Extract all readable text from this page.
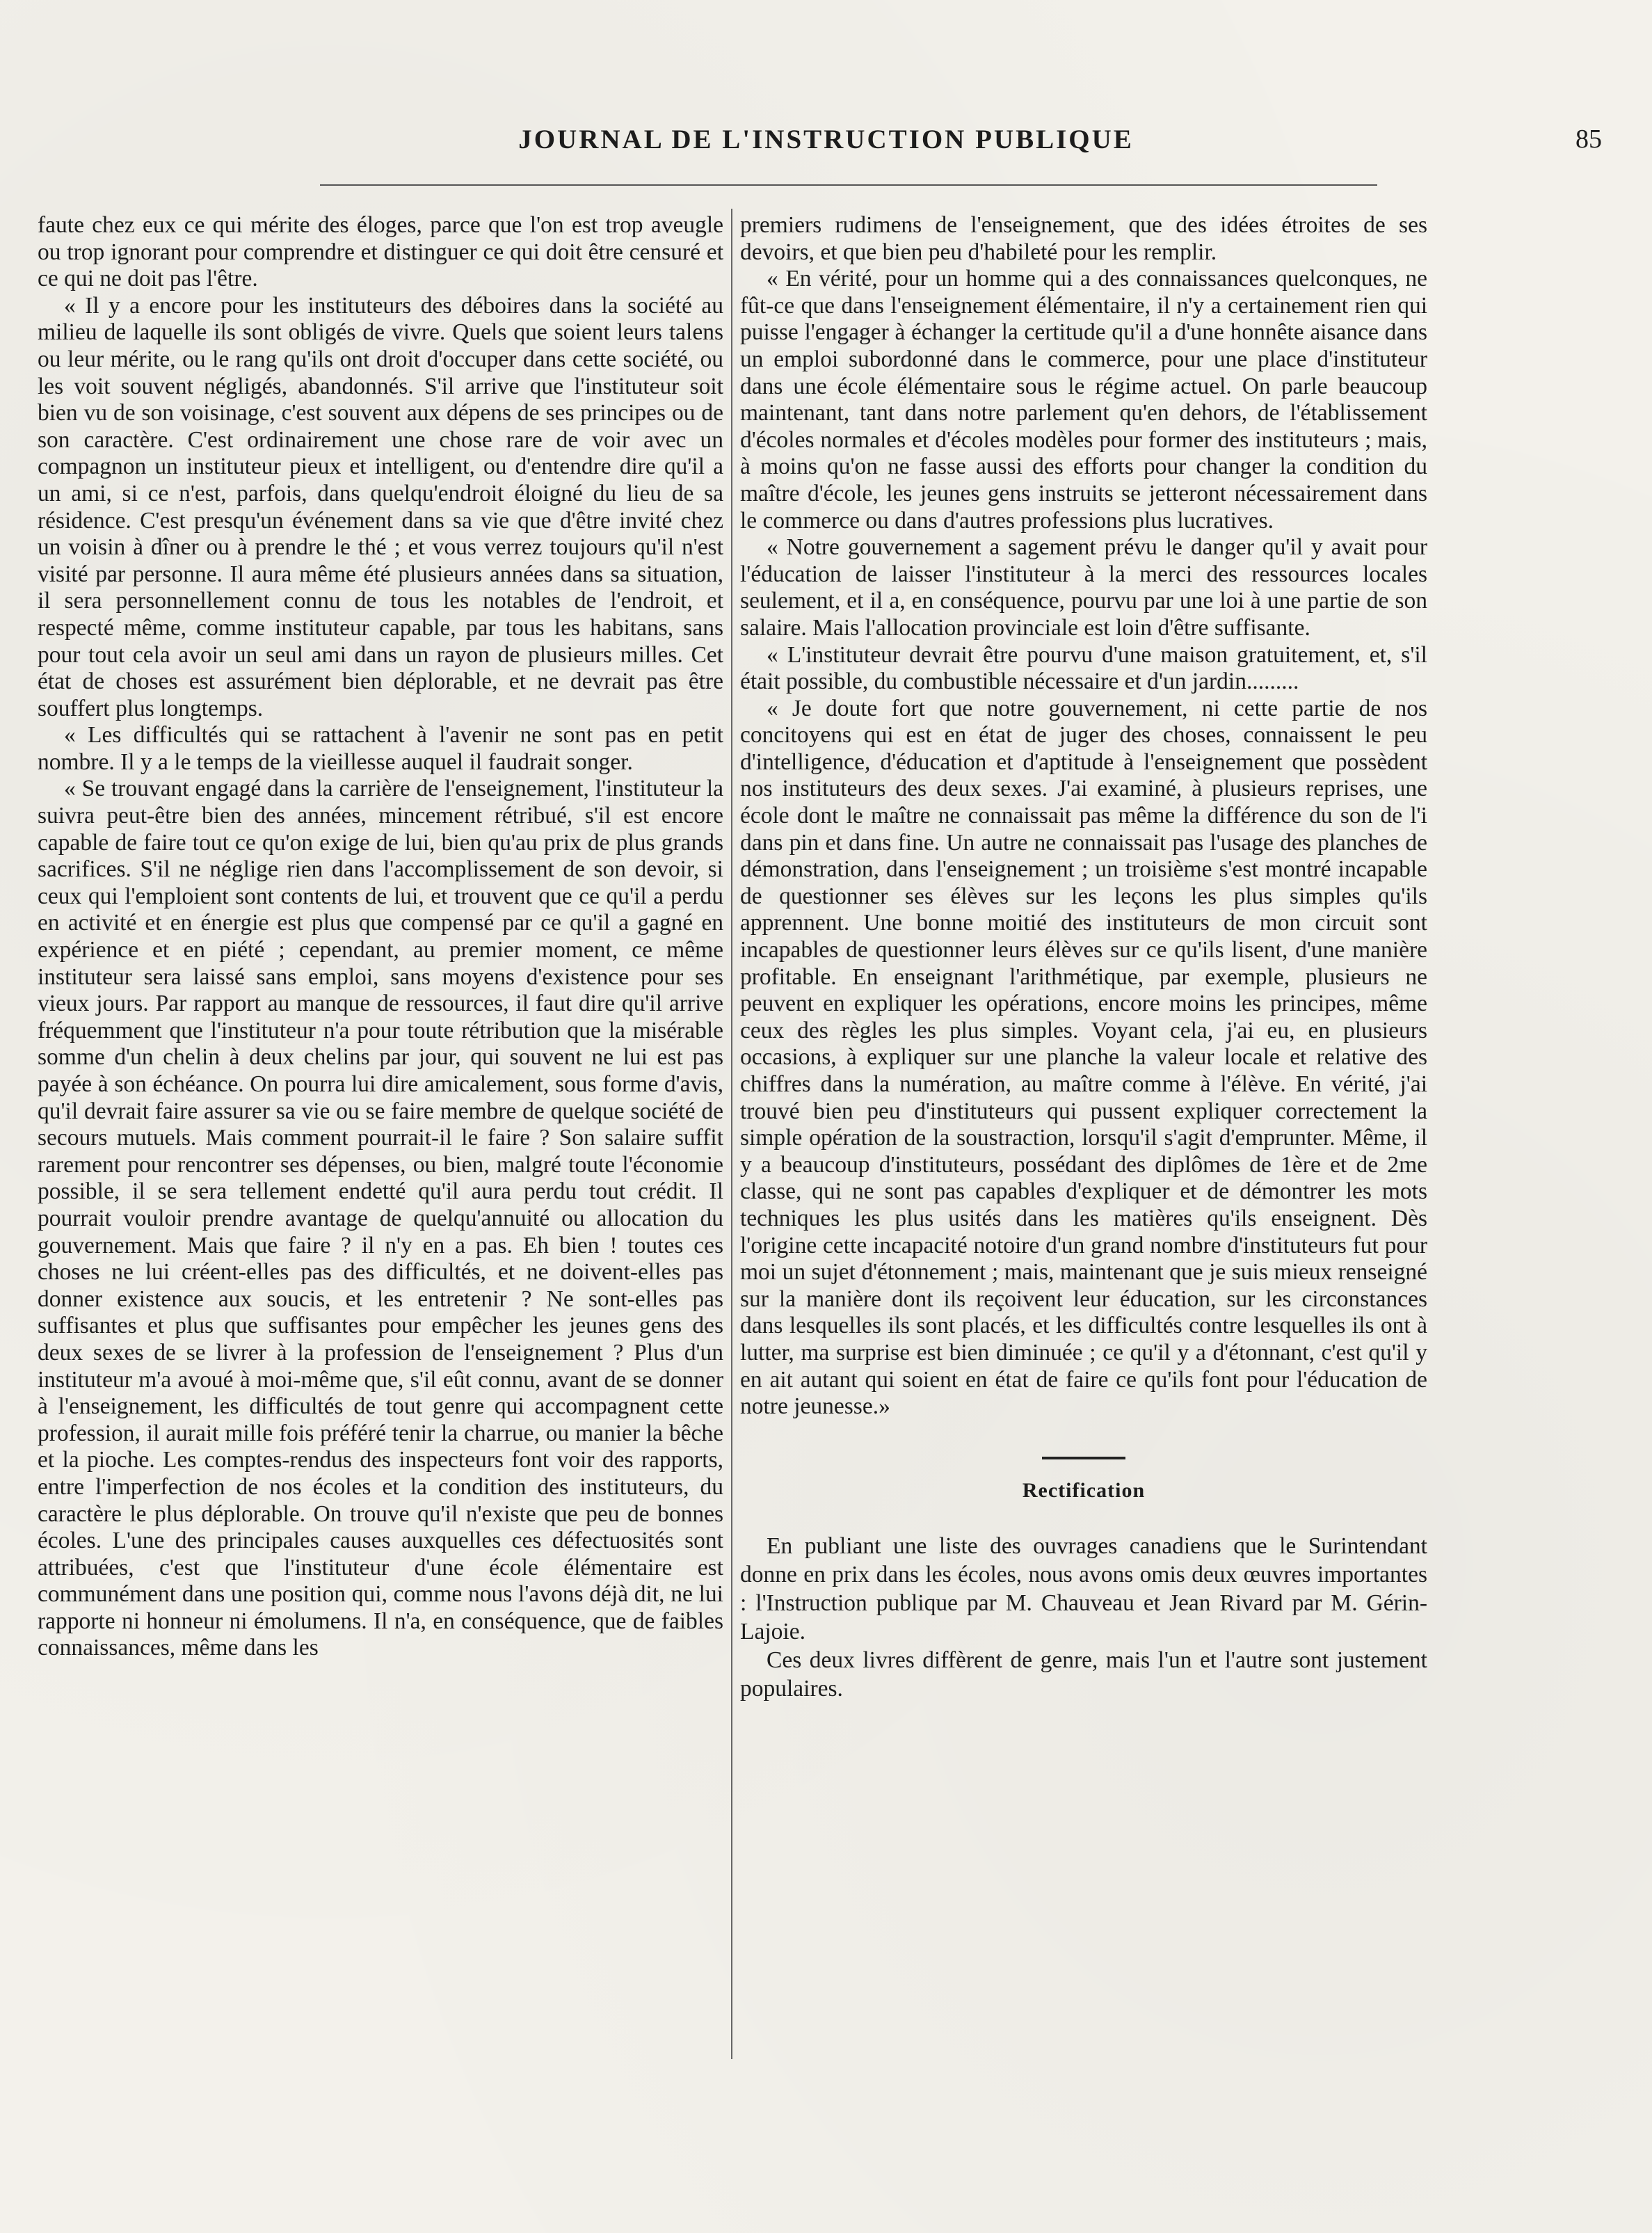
JOURNAL DE L'INSTRUCTION PUBLIQUE	85

faute chez eux ce qui mérite des éloges, parce que l'on est trop aveugle ou trop ignorant pour comprendre et distinguer ce qui doit être censuré et ce qui ne doit pas l'être.

« Il y a encore pour les instituteurs des déboires dans la société au milieu de laquelle ils sont obligés de vivre. Quels que soient leurs talens ou leur mérite, ou le rang qu'ils ont droit d'occuper dans cette société, ou les voit souvent négligés, abandonnés. S'il arrive que l'instituteur soit bien vu de son voisinage, c'est souvent aux dépens de ses principes ou de son caractère. C'est ordinairement une chose rare de voir avec un compagnon un instituteur pieux et intelligent, ou d'entendre dire qu'il a un ami, si ce n'est, parfois, dans quelqu'endroit éloigné du lieu de sa résidence. C'est presqu'un événement dans sa vie que d'être invité chez un voisin à dîner ou à prendre le thé ; et vous verrez toujours qu'il n'est visité par personne. Il aura même été plusieurs années dans sa situation, il sera personnellement connu de tous les notables de l'endroit, et respecté même, comme instituteur capable, par tous les habitans, sans pour tout cela avoir un seul ami dans un rayon de plusieurs milles. Cet état de choses est assurément bien déplorable, et ne devrait pas être souffert plus longtemps.

« Les difficultés qui se rattachent à l'avenir ne sont pas en petit nombre. Il y a le temps de la vieillesse auquel il faudrait songer.

« Se trouvant engagé dans la carrière de l'enseignement, l'instituteur la suivra peut-être bien des années, mincement rétribué, s'il est encore capable de faire tout ce qu'on exige de lui, bien qu'au prix de plus grands sacrifices. S'il ne néglige rien dans l'accomplissement de son devoir, si ceux qui l'emploient sont contents de lui, et trouvent que ce qu'il a perdu en activité et en énergie est plus que compensé par ce qu'il a gagné en expérience et en piété ; cependant, au premier moment, ce même instituteur sera laissé sans emploi, sans moyens d'existence pour ses vieux jours. Par rapport au manque de ressources, il faut dire qu'il arrive fréquemment que l'instituteur n'a pour toute rétribution que la misérable somme d'un chelin à deux chelins par jour, qui souvent ne lui est pas payée à son échéance. On pourra lui dire amicalement, sous forme d'avis, qu'il devrait faire assurer sa vie ou se faire membre de quelque société de secours mutuels. Mais comment pourrait-il le faire ? Son salaire suffit rarement pour rencontrer ses dépenses, ou bien, malgré toute l'économie possible, il se sera tellement endetté qu'il aura perdu tout crédit. Il pourrait vouloir prendre avantage de quelqu'annuité ou allocation du gouvernement. Mais que faire ? il n'y en a pas. Eh bien ! toutes ces choses ne lui créent-elles pas des difficultés, et ne doivent-elles pas donner existence aux soucis, et les entretenir ? Ne sont-elles pas suffisantes et plus que suffisantes pour empêcher les jeunes gens des deux sexes de se livrer à la profession de l'enseignement ? Plus d'un instituteur m'a avoué à moi-même que, s'il eût connu, avant de se donner à l'enseignement, les difficultés de tout genre qui accompagnent cette profession, il aurait mille fois préféré tenir la charrue, ou manier la bêche et la pioche. Les comptes-rendus des inspecteurs font voir des rapports, entre l'imperfection de nos écoles et la condition des instituteurs, du caractère le plus déplorable. On trouve qu'il n'existe que peu de bonnes écoles. L'une des principales causes auxquelles ces défectuosités sont attribuées, c'est que l'instituteur d'une école élémentaire est communément dans une position qui, comme nous l'avons déjà dit, ne lui rapporte ni honneur ni émolumens. Il n'a, en conséquence, que de faibles connaissances, même dans les

premiers rudimens de l'enseignement, que des idées étroites de ses devoirs, et que bien peu d'habileté pour les remplir.

« En vérité, pour un homme qui a des connaissances quelconques, ne fût-ce que dans l'enseignement élémentaire, il n'y a certainement rien qui puisse l'engager à échanger la certitude qu'il a d'une honnête aisance dans un emploi subordonné dans le commerce, pour une place d'instituteur dans une école élémentaire sous le régime actuel. On parle beaucoup maintenant, tant dans notre parlement qu'en dehors, de l'établissement d'écoles normales et d'écoles modèles pour former des instituteurs ; mais, à moins qu'on ne fasse aussi des efforts pour changer la condition du maître d'école, les jeunes gens instruits se jetteront nécessairement dans le commerce ou dans d'autres professions plus lucratives.

« Notre gouvernement a sagement prévu le danger qu'il y avait pour l'éducation de laisser l'instituteur à la merci des ressources locales seulement, et il a, en conséquence, pourvu par une loi à une partie de son salaire. Mais l'allocation provinciale est loin d'être suffisante.

« L'instituteur devrait être pourvu d'une maison gratuitement, et, s'il était possible, du combustible nécessaire et d'un jardin.........

« Je doute fort que notre gouvernement, ni cette partie de nos concitoyens qui est en état de juger des choses, connaissent le peu d'intelligence, d'éducation et d'aptitude à l'enseignement que possèdent nos instituteurs des deux sexes. J'ai examiné, à plusieurs reprises, une école dont le maître ne connaissait pas même la différence du son de l'i dans pin et dans fine. Un autre ne connaissait pas l'usage des planches de démonstration, dans l'enseignement ; un troisième s'est montré incapable de questionner ses élèves sur les leçons les plus simples qu'ils apprennent. Une bonne moitié des instituteurs de mon circuit sont incapables de questionner leurs élèves sur ce qu'ils lisent, d'une manière profitable. En enseignant l'arithmétique, par exemple, plusieurs ne peuvent en expliquer les opérations, encore moins les principes, même ceux des règles les plus simples. Voyant cela, j'ai eu, en plusieurs occasions, à expliquer sur une planche la valeur locale et relative des chiffres dans la numération, au maître comme à l'élève. En vérité, j'ai trouvé bien peu d'instituteurs qui pussent expliquer correctement la simple opération de la soustraction, lorsqu'il s'agit d'emprunter. Même, il y a beaucoup d'instituteurs, possédant des diplômes de 1ère et de 2me classe, qui ne sont pas capables d'expliquer et de démontrer les mots techniques les plus usités dans les matières qu'ils enseignent. Dès l'origine cette incapacité notoire d'un grand nombre d'instituteurs fut pour moi un sujet d'étonnement ; mais, maintenant que je suis mieux renseigné sur la manière dont ils reçoivent leur éducation, sur les circonstances dans lesquelles ils sont placés, et les difficultés contre lesquelles ils ont à lutter, ma surprise est bien diminuée ; ce qu'il y a d'étonnant, c'est qu'il y en ait autant qui soient en état de faire ce qu'ils font pour l'éducation de notre jeunesse.»

Rectification

En publiant une liste des ouvrages canadiens que le Surintendant donne en prix dans les écoles, nous avons omis deux œuvres importantes : l'Instruction publique par M. Chauveau et Jean Rivard par M. Gérin-Lajoie.

Ces deux livres diffèrent de genre, mais l'un et l'autre sont justement populaires.
